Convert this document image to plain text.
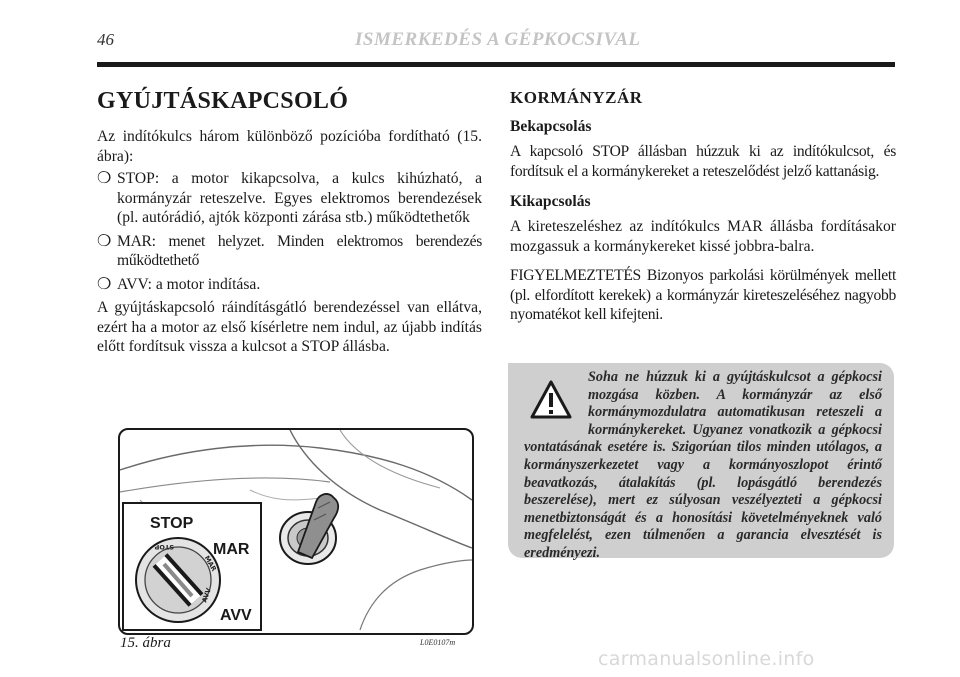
46	ISMERKEDÉS A GÉPKOCSIVAL
GYÚJTÁSKAPCSOLÓ

Az indítókulcs három különböző pozícióba fordítható (15. ábra):

❍ STOP: a motor kikapcsolva, a kulcs kihúzható, a kormányzár reteszelve. Egyes elektromos berendezések (pl. autórádió, ajtók központi zárása stb.) működtethetők
❍ MAR: menet helyzet. Minden elektromos berendezés működtethető
❍ AVV: a motor indítása.

A gyújtáskapcsoló ráindításgátló berendezéssel van ellátva, ezért ha a motor az első kísérletre nem indul, az újabb indítás előtt fordítsuk vissza a kulcsot a STOP állásba.

KORMÁNYZÁR
Bekapcsolás

A kapcsoló STOP állásban húzzuk ki az indítókulcsot, és fordítsuk el a kormánykereket a reteszelődést jelző kattanásig.

Kikapcsolás

A kireteszeléshez az indítókulcs MAR állásba fordításakor mozgassuk a kormánykereket kissé jobbra-balra.

FIGYELMEZTETÉS Bizonyos parkolási körülmények mellett (pl. elfordított kerekek) a kormányzár kireteszeléséhez nagyobb nyomatékot kell kifejteni.

Soha ne húzzuk ki a gyújtáskulcsot a gépkocsi mozgása közben. A kormányzár az első kormánymozdulatra automatikusan reteszeli a kormánykereket. Ugyanez vonatkozik a gépkocsi vontatásának esetére is. Szigorúan tilos minden utólagos, a kormányszerkezetet vagy a kormányoszlopot érintő beavatkozás, átalakítás (pl. lopásgátló berendezés beszerelése), mert ez súlyosan veszélyezteti a gépkocsi menetbiztonságát és a honosítási követelményeknek való megfelelést, ezen túlmenően a garancia elvesztését is eredményezi.
STOP
MAR
AVV
STOP
MAR
AVV
15. ábra	L0E0107m
carmanualsonline.info
